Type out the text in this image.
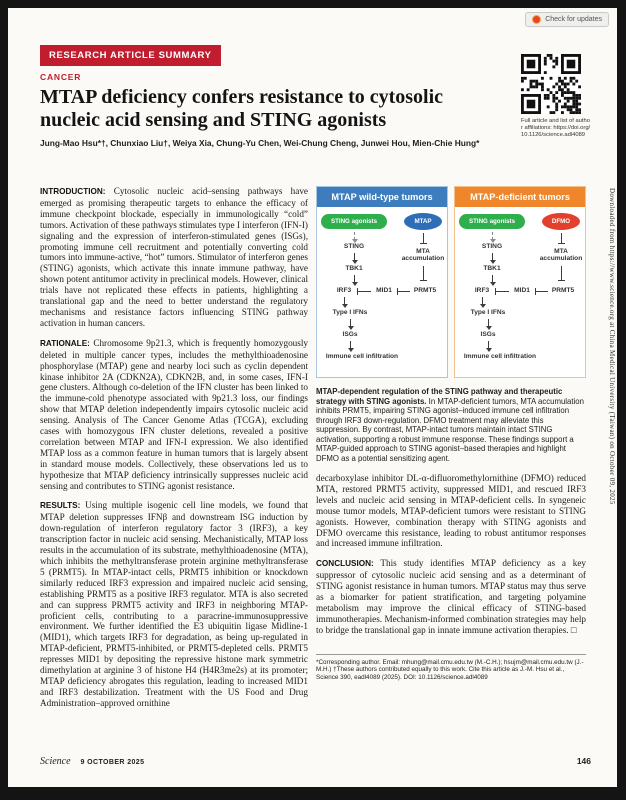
Check for updates
RESEARCH ARTICLE SUMMARY
CANCER
MTAP deficiency confers resistance to cytosolic nucleic acid sensing and STING agonists
Jung-Mao Hsu*†, Chunxiao Liu†, Weiya Xia, Chung-Yu Chen, Wei-Chung Cheng, Junwei Hou, Mien-Chie Hung*
Full article and list of author affiliations: https://doi.org/10.1126/science.adl4089

INTRODUCTION: Cytosolic nucleic acid–sensing pathways have emerged as promising therapeutic targets to enhance the efficacy of immune checkpoint blockade, especially in immunologically “cold” tumors. Activation of these pathways stimulates type I interferon (IFN-I) signaling and the expression of interferon-stimulated genes (ISGs), promoting immune cell recruitment and potentially converting cold tumors into immune-active, “hot” tumors. Stimulator of interferon genes (STING) agonists, which activate this innate immune pathway, have shown potent antitumor activity in preclinical models. However, clinical trials have not replicated these effects in patients, highlighting a translational gap and the need to better understand the regulatory mechanisms and resistance factors influencing STING pathway activation in human cancers.

RATIONALE: Chromosome 9p21.3, which is frequently homozygously deleted in multiple cancer types, includes the methylthioadenosine phosphorylase (MTAP) gene and nearby loci such as cyclin dependent kinase inhibitor 2A (CDKN2A), CDKN2B, and, in some cases, IFN-I gene clusters. Although co-deletion of the IFN cluster has been linked to the immune-cold phenotype associated with 9p21.3 loss, our findings show that MTAP deletion independently impairs cytosolic nucleic acid sensing. Analysis of The Cancer Genome Atlas (TCGA), excluding cases with homozygous IFN cluster deletions, revealed a positive correlation between MTAP and IFN-I expression. We also identified MTAP loss as a common feature in human tumors that is largely absent in standard mouse models. Collectively, these observations led us to hypothesize that MTAP deficiency intrinsically suppresses nucleic acid sensing and contributes to STING agonist resistance.

RESULTS: Using multiple isogenic cell line models, we found that MTAP deletion suppresses IFNβ and downstream ISG induction by down-regulation of interferon regulatory factor 3 (IRF3), a key transcription factor in nucleic acid sensing. Mechanistically, MTAP loss results in the accumulation of its substrate, methylthioadenosine (MTA), which inhibits the methyltransferase protein arginine methyltransferase 5 (PRMT5). In MTAP-intact cells, PRMT5 inhibition or knockdown similarly reduced IRF3 expression and impaired nucleic acid sensing, establishing PRMT5 as a positive IRF3 regulator. MTA is also secreted and can suppress PRMT5 activity and IRF3 in neighboring MTAP-proficient cells, contributing to a paracrine-immunosuppressive environment. We further identified the E3 ubiquitin ligase Midline-1 (MID1), which targets IRF3 for degradation, as being up-regulated in MTAP-deficient, PRMT5-inhibited, or PRMT5-depleted cells. PRMT5 represses MID1 by depositing the repressive histone mark symmetric dimethylation at arginine 3 of histone H4 (H4R3me2s) at its promoter; MTAP deficiency abrogates this regulation, leading to increased MID1 and IRF3 destabilization. Treatment with the US Food and Drug Administration–approved ornithine

MTAP wild-type tumors
STING agonists	MTAP
STING
TBK1
IRF3	MID1	PRMT5
Type I IFNs
ISGs
Immune cell infiltration
MTA accumulation
MTAP-deficient tumors
STING agonists	DFMO
STING
TBK1
IRF3	MID1	PRMT5
Type I IFNs
ISGs
Immune cell infiltration
MTA accumulation
MTAP-dependent regulation of the STING pathway and therapeutic strategy with STING agonists. In MTAP-deficient tumors, MTA accumulation inhibits PRMT5, impairing STING agonist–induced immune cell infiltration through IRF3 down-regulation. DFMO treatment may alleviate this suppression. By contrast, MTAP-intact tumors maintain intact STING activation, supporting a robust immune response. These findings support a MTAP-guided approach to STING agonist–based therapies and highlight DFMO as a potential sensitizing agent.

decarboxylase inhibitor DL-α-difluoromethylornithine (DFMO) reduced MTA, restored PRMT5 activity, suppressed MID1, and rescued IRF3 levels and nucleic acid sensing in MTAP-deficient cells. In syngeneic mouse tumor models, MTAP-deficient tumors were resistant to STING agonists. However, combination therapy with STING agonists and DFMO overcame this resistance, leading to robust antitumor responses and increased immune infiltration.

CONCLUSION: This study identifies MTAP deficiency as a key suppressor of cytosolic nucleic acid sensing and as a determinant of STING agonist resistance in human tumors. MTAP status may thus serve as a biomarker for patient stratification, and targeting polyamine metabolism may improve the clinical efficacy of STING-based immunotherapies. Mechanism-informed combination strategies may help to bridge the translational gap in innate immune activation therapies. □

*Corresponding author. Email: mhung@mail.cmu.edu.tw (M.-C.H.); hsujm@mail.cmu.edu.tw (J.-M.H.) †These authors contributed equally to this work. Cite this article as J.-M. Hsu et al., Science 390, eadl4089 (2025). DOI: 10.1126/science.adl4089
Downloaded from https://www.science.org at China Medical University (Taiwan) on October 09, 2025
Science 9 OCTOBER 2025	146
